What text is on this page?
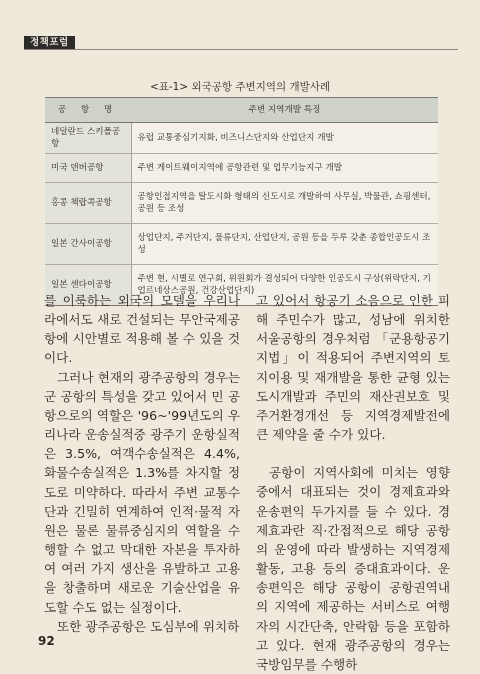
정책포럼
<표-1> 외국공항 주변지역의 개발사례
공 항 명	주변 지역개발 특징
네덜란드 스키폴공항	유럽 교통중심기지화, 비즈니스단지와 산업단지 개발
미국 덴버공항	주변 게이트웨이지역에 공항관련 및 업무기능지구 개발
홍콩 첵랍콕공항	공항인접지역을 탈도시화 형태의 신도시로 개발하여 사무실, 박물관, 쇼핑센터, 공원 등 조성
일본 간사이공항	상업단지, 주거단지, 물류단지, 산업단지, 공원 등을 두루 갖춘 종합인공도시 조성
일본 센다이공항	주변 현, 시별로 연구회, 위원회가 결성되어 다양한 인공도시 구상(위락단지, 기업르네상스공원, 건강산업단지)

를 이룩하는 외국의 모델을 우리나라에서도 새로 건설되는 무안국제공항에 시안별로 적용해 볼 수 있을 것이다.

그러나 현재의 광주공항의 경우는 군 공항의 특성을 갖고 있어서 민 공항으로의 역할은 '96~'99년도의 우리나라 운송실적중 광주기 운항실적은 3.5%, 여객수송실적은 4.4%, 화물수송실적은 1.3%를 차지할 정도로 미약하다. 따라서 주변 교통수단과 긴밀히 연계하여 인적·물적 자원은 물론 물류중심지의 역할을 수행할 수 없고 막대한 자본을 투자하여 여러 가지 생산을 유발하고 고용을 창출하며 새로운 기술산업을 유도할 수도 없는 실정이다.

또한 광주공항은 도심부에 위치하

고 있어서 항공기 소음으로 인한 피해 주민수가 많고, 성남에 위치한 서울공항의 경우처럼 「군용항공기지법」이 적용되어 주변지역의 토지이용 및 재개발을 통한 균형 있는 도시개발과 주민의 재산권보호 및 주거환경개선 등 지역경제발전에 큰 제약을 줄 수가 있다.

공항이 지역사회에 미치는 영향 중에서 대표되는 것이 경제효과와 운송편익 두가지를 들 수 있다. 경제효과란 직·간접적으로 해당 공항의 운영에 따라 발생하는 지역경제활동, 고용 등의 증대효과이다. 운송편익은 해당 공항이 공항권역내의 지역에 제공하는 서비스로 여행자의 시간단축, 안락함 등을 포함하고 있다. 현재 광주공항의 경우는 국방임무를 수행하

92
